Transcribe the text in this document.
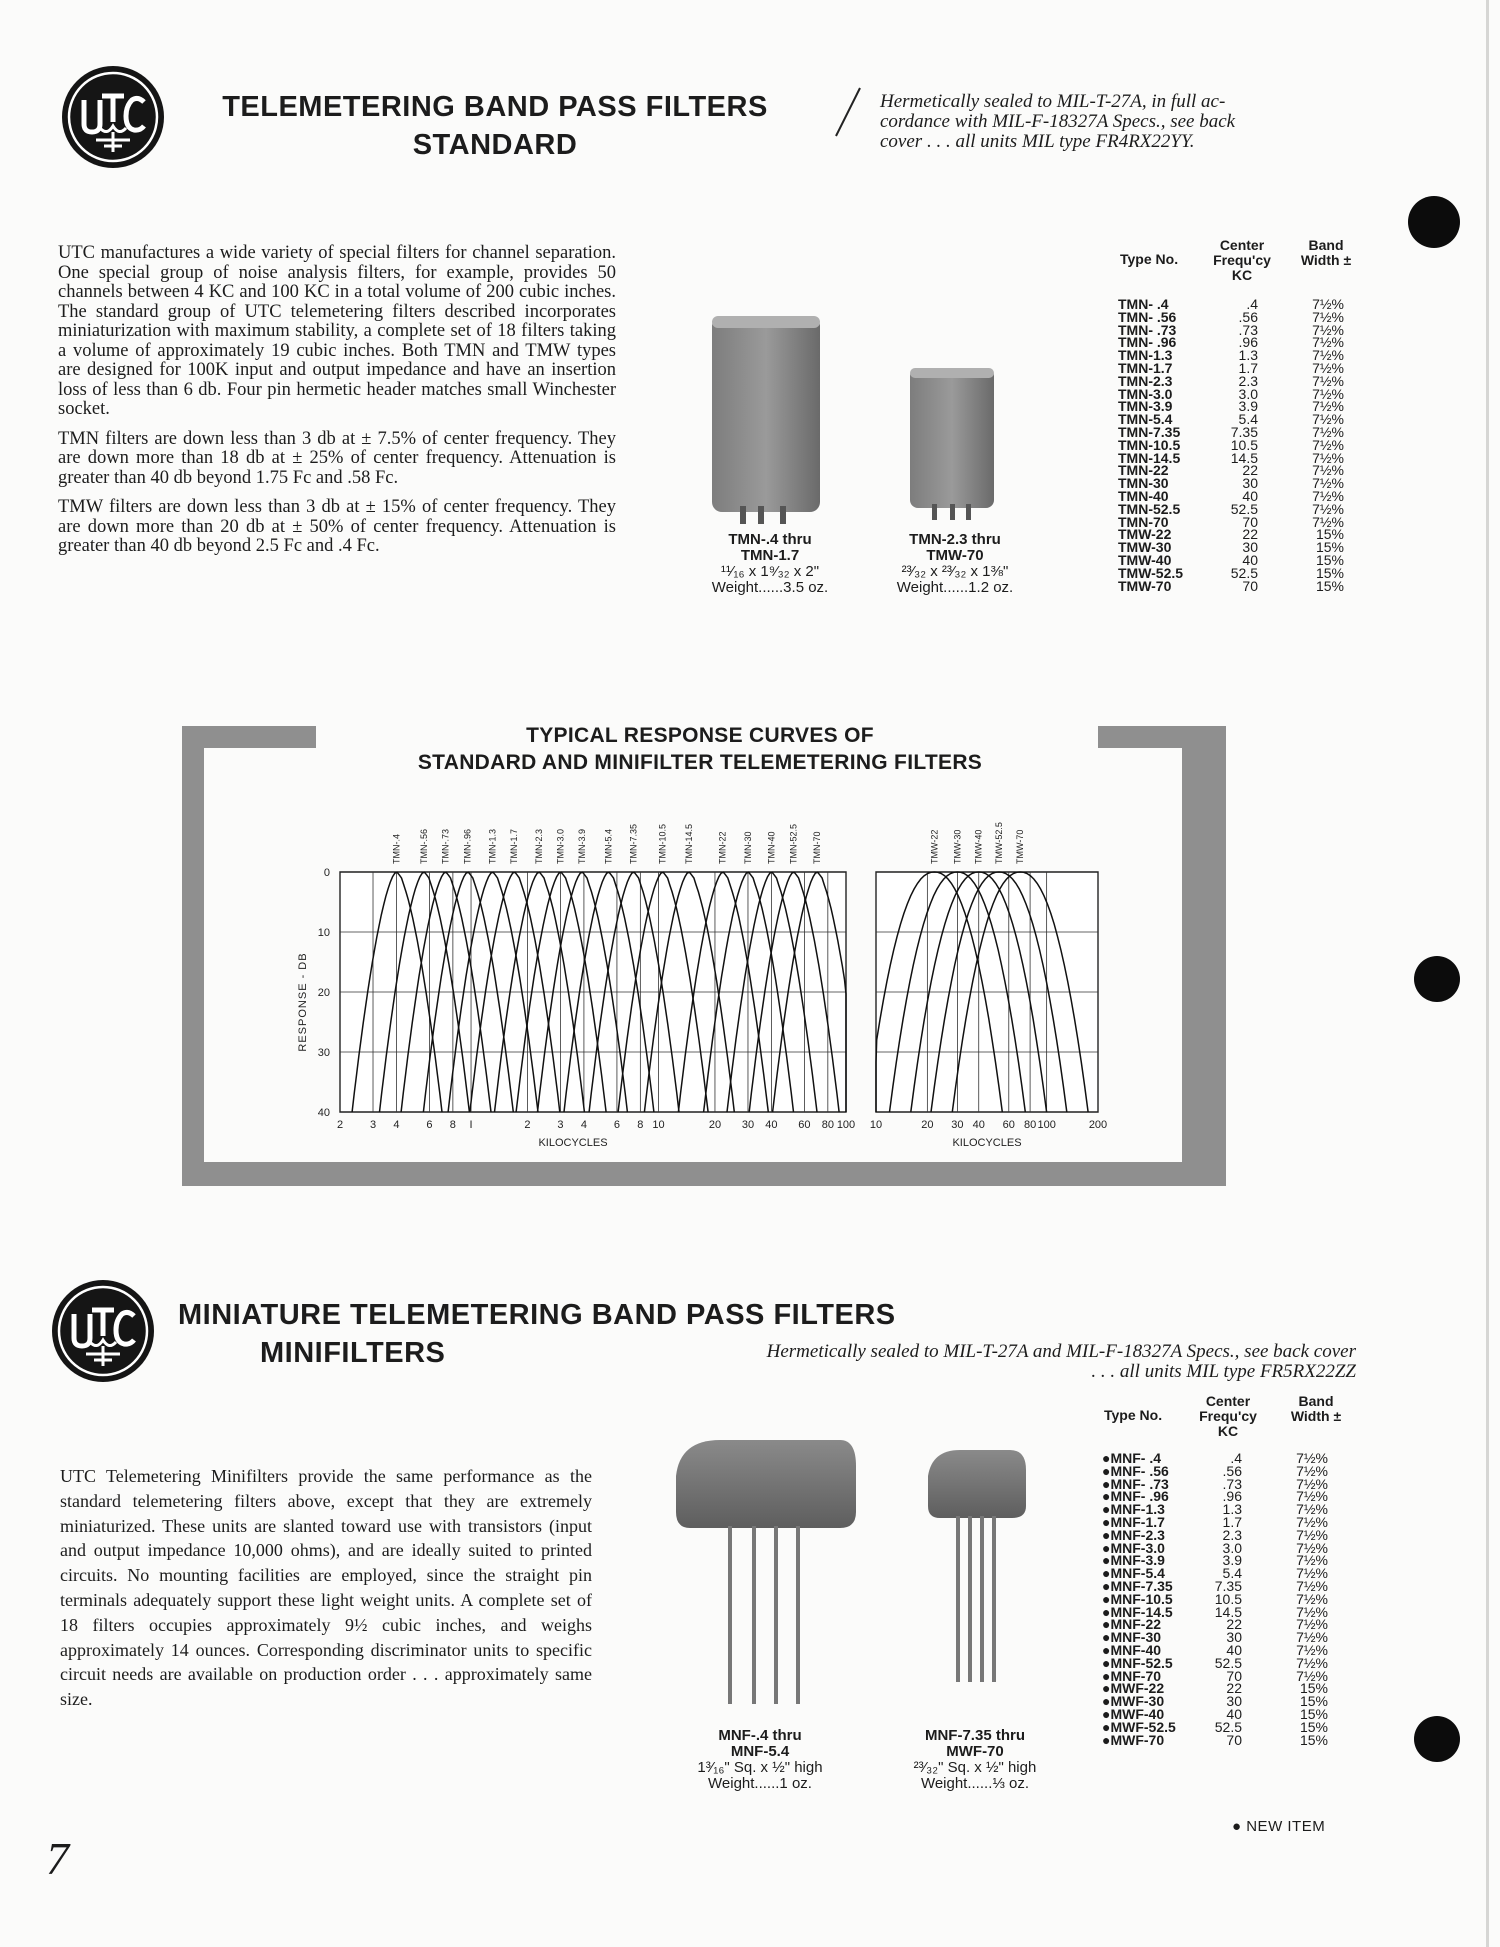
TELEMETERING BAND PASS FILTERS
STANDARD
Hermetically sealed to MIL-T-27A, in full ac-
cordance with MIL-F-18327A Specs., see back
cover . . . all units MIL type FR4RX22YY.

UTC manufactures a wide variety of special filters for channel separation. One special group of noise analysis filters, for example, provides 50 channels between 4 KC and 100 KC in a total volume of 200 cubic inches. The standard group of UTC telemetering filters described incorporates miniaturization with maximum stability, a complete set of 18 filters taking a volume of approximately 19 cubic inches. Both TMN and TMW types are designed for 100K input and output impedance and have an insertion loss of less than 6 db. Four pin hermetic header matches small Winchester socket.

TMN filters are down less than 3 db at ± 7.5% of center frequency. They are down more than 18 db at ± 25% of center frequency. Attenuation is greater than 40 db beyond 1.75 Fc and .58 Fc.

TMW filters are down less than 3 db at ± 15% of center frequency. They are down more than 20 db at ± 50% of center frequency. Attenuation is greater than 40 db beyond 2.5 Fc and .4 Fc.	TMN-.4 thru
TMN-1.7
¹¹⁄₁₆ x 1⁹⁄₃₂ x 2"
Weight......3.5 oz.
TMN-2.3 thru
TMW-70
²³⁄₃₂ x ²³⁄₃₂ x 1⅜"
Weight......1.2 oz.
Type No.
Center
Frequ'cy
KC
Band
Width ±
TMN- .4	.4	7½%
TMN- .56	.56	7½%
TMN- .73	.73	7½%
TMN- .96	.96	7½%
TMN-1.3	1.3	7½%
TMN-1.7	1.7	7½%
TMN-2.3	2.3	7½%
TMN-3.0	3.0	7½%
TMN-3.9	3.9	7½%
TMN-5.4	5.4	7½%
TMN-7.35	7.35	7½%
TMN-10.5	10.5	7½%
TMN-14.5	14.5	7½%
TMN-22	22	7½%
TMN-30	30	7½%
TMN-40	40	7½%
TMN-52.5	52.5	7½%
TMN-70	70	7½%
TMW-22	22	15%
TMW-30	30	15%
TMW-40	40	15%
TMW-52.5	52.5	15%
TMW-70	70	15%
TYPICAL RESPONSE CURVES OF
STANDARD AND MINIFILTER TELEMETERING FILTERS
0
10
20
30
40
RESPONSE - DB
2 3 4 6 8 I	2 3 4 6 8 10	20 30 40 60 80 100
KILOCYCLES
10	20 30 40 60 80 100	200
KILOCYCLES
TMN-.4 TMN-.56 TMN-.73 TMN-.96 TMN-1.3 TMN-1.7 TMN-2.3 TMN-3.0 TMN-3.9 TMN-5.4 TMN-7.35 TMN-10.5 TMN-14.5	TMN-22 TMN-30 TMN-40 TMN-52.5 TMN-70	TMW-22 TMW-30 TMW-40 TMW-52.5 TMW-70
MINIATURE TELEMETERING BAND PASS FILTERS
MINIFILTERS	Hermetically sealed to MIL-T-27A and MIL-F-18327A Specs., see back cover
. . . all units MIL type FR5RX22ZZ
UTC Telemetering Minifilters provide the same performance as the standard telemetering filters above, except that they are extremely miniaturized. These units are slanted toward use with transistors (input and output impedance 10,000 ohms), and are ideally suited to printed circuits. No mounting facilities are employed, since the straight pin terminals adequately support these light weight units. A complete set of 18 filters occupies approximately 9½ cubic inches, and weighs approximately 14 ounces. Corresponding discriminator units to specific circuit needs are available on production order . . . approximately same size.
MNF-.4 thru
MNF-5.4
1³⁄₁₆" Sq. x ½" high
Weight......1 oz.
MNF-7.35 thru
MWF-70
²³⁄₃₂" Sq. x ½" high
Weight......⅓ oz.
Type No.
Center
Frequ'cy
KC
Band
Width ±
●MNF- .4	.4	7½%
●MNF- .56	.56	7½%
●MNF- .73	.73	7½%
●MNF- .96	.96	7½%
●MNF-1.3	1.3	7½%
●MNF-1.7	1.7	7½%
●MNF-2.3	2.3	7½%
●MNF-3.0	3.0	7½%
●MNF-3.9	3.9	7½%
●MNF-5.4	5.4	7½%
●MNF-7.35	7.35	7½%
●MNF-10.5	10.5	7½%
●MNF-14.5	14.5	7½%
●MNF-22	22	7½%
●MNF-30	30	7½%
●MNF-40	40	7½%
●MNF-52.5	52.5	7½%
●MNF-70	70	7½%
●MWF-22	22	15%
●MWF-30	30	15%
●MWF-40	40	15%
●MWF-52.5	52.5	15%
●MWF-70	70	15%
● NEW ITEM
7
